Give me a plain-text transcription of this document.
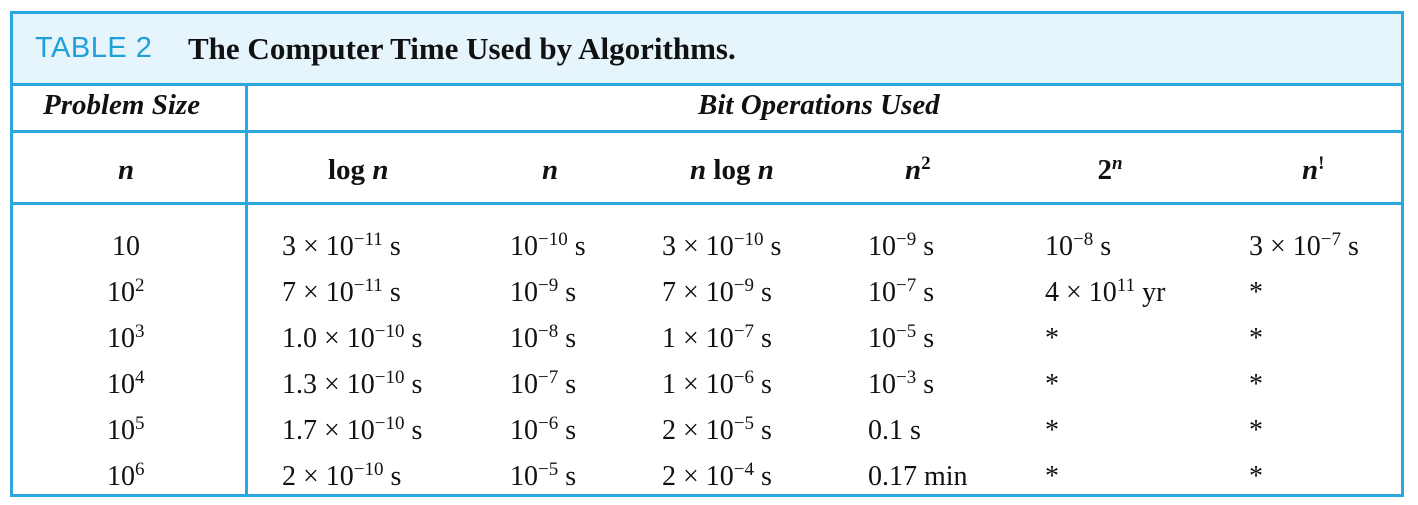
TABLE 2 The Computer Time Used by Algorithms.
Problem Size	Bit Operations Used
n	log n	n	n log n	$n^2$	2$^n$	n!
10	$3 \times 10^{-11}$ s	$10^{-10}$ s	$3 \times 10^{-10}$ s	$10^{-9}$ s	$10^{-8}$ s	$3 \times 10^{-7}$ s
$10^2$	$7 \times 10^{-11}$ s	$10^{-9}$ s	$7 \times 10^{-9}$ s	$10^{-7}$ s	$4 \times 10^{11}$ yr	*
$10^3$	$1.0 \times 10^{-10}$ s	$10^{-8}$ s	$1 \times 10^{-7}$ s	$10^{-5}$ s	*	*
$10^4$	$1.3 \times 10^{-10}$ s	$10^{-7}$ s	$1 \times 10^{-6}$ s	$10^{-3}$ s	*	*
$10^5$	$1.7 \times 10^{-10}$ s	$10^{-6}$ s	$2 \times 10^{-5}$ s	0.1 s	*	*
$10^6$	$2 \times 10^{-10}$ s	$10^{-5}$ s	$2 \times 10^{-4}$ s	0.17 min	*	*
